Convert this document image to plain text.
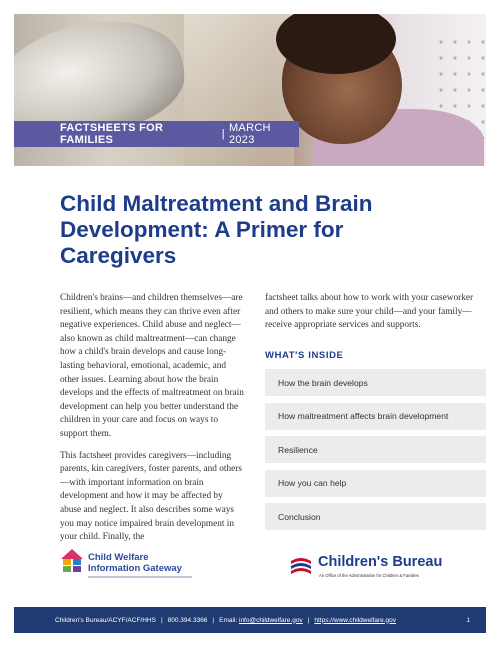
FACTSHEETS FOR FAMILIES	| MARCH 2023
Child Maltreatment and Brain Development: A Primer for Caregivers

Children's brains—and children themselves—are resilient, which means they can thrive even after negative experiences. Child abuse and neglect—also known as child maltreatment—can change how a child's brain develops and cause long-lasting behavioral, emotional, academic, and other issues. Learning about how the brain develops and the effects of maltreatment on brain development can help you better understand the children in your care and focus on ways to support them.

This factsheet provides caregivers—including parents, kin caregivers, foster parents, and others—with important information on brain development and how it may be affected by abuse and neglect. It also describes some ways you may notice impaired brain development in your child. Finally, the

factsheet talks about how to work with your caseworker and others to make sure your child—and your family—receive appropriate services and supports.

WHAT'S INSIDE
How the brain develops
How maltreatment affects brain development
Resilience
How you can help
Conclusion
Child Welfare
Information Gateway	Children's Bureau
An Office of the Administration for Children & Families
Children's Bureau/ACYF/ACF/HHS | 800.394.3366 | Email:
info@childwelfare.gov | https://www.childwelfare.gov	1
